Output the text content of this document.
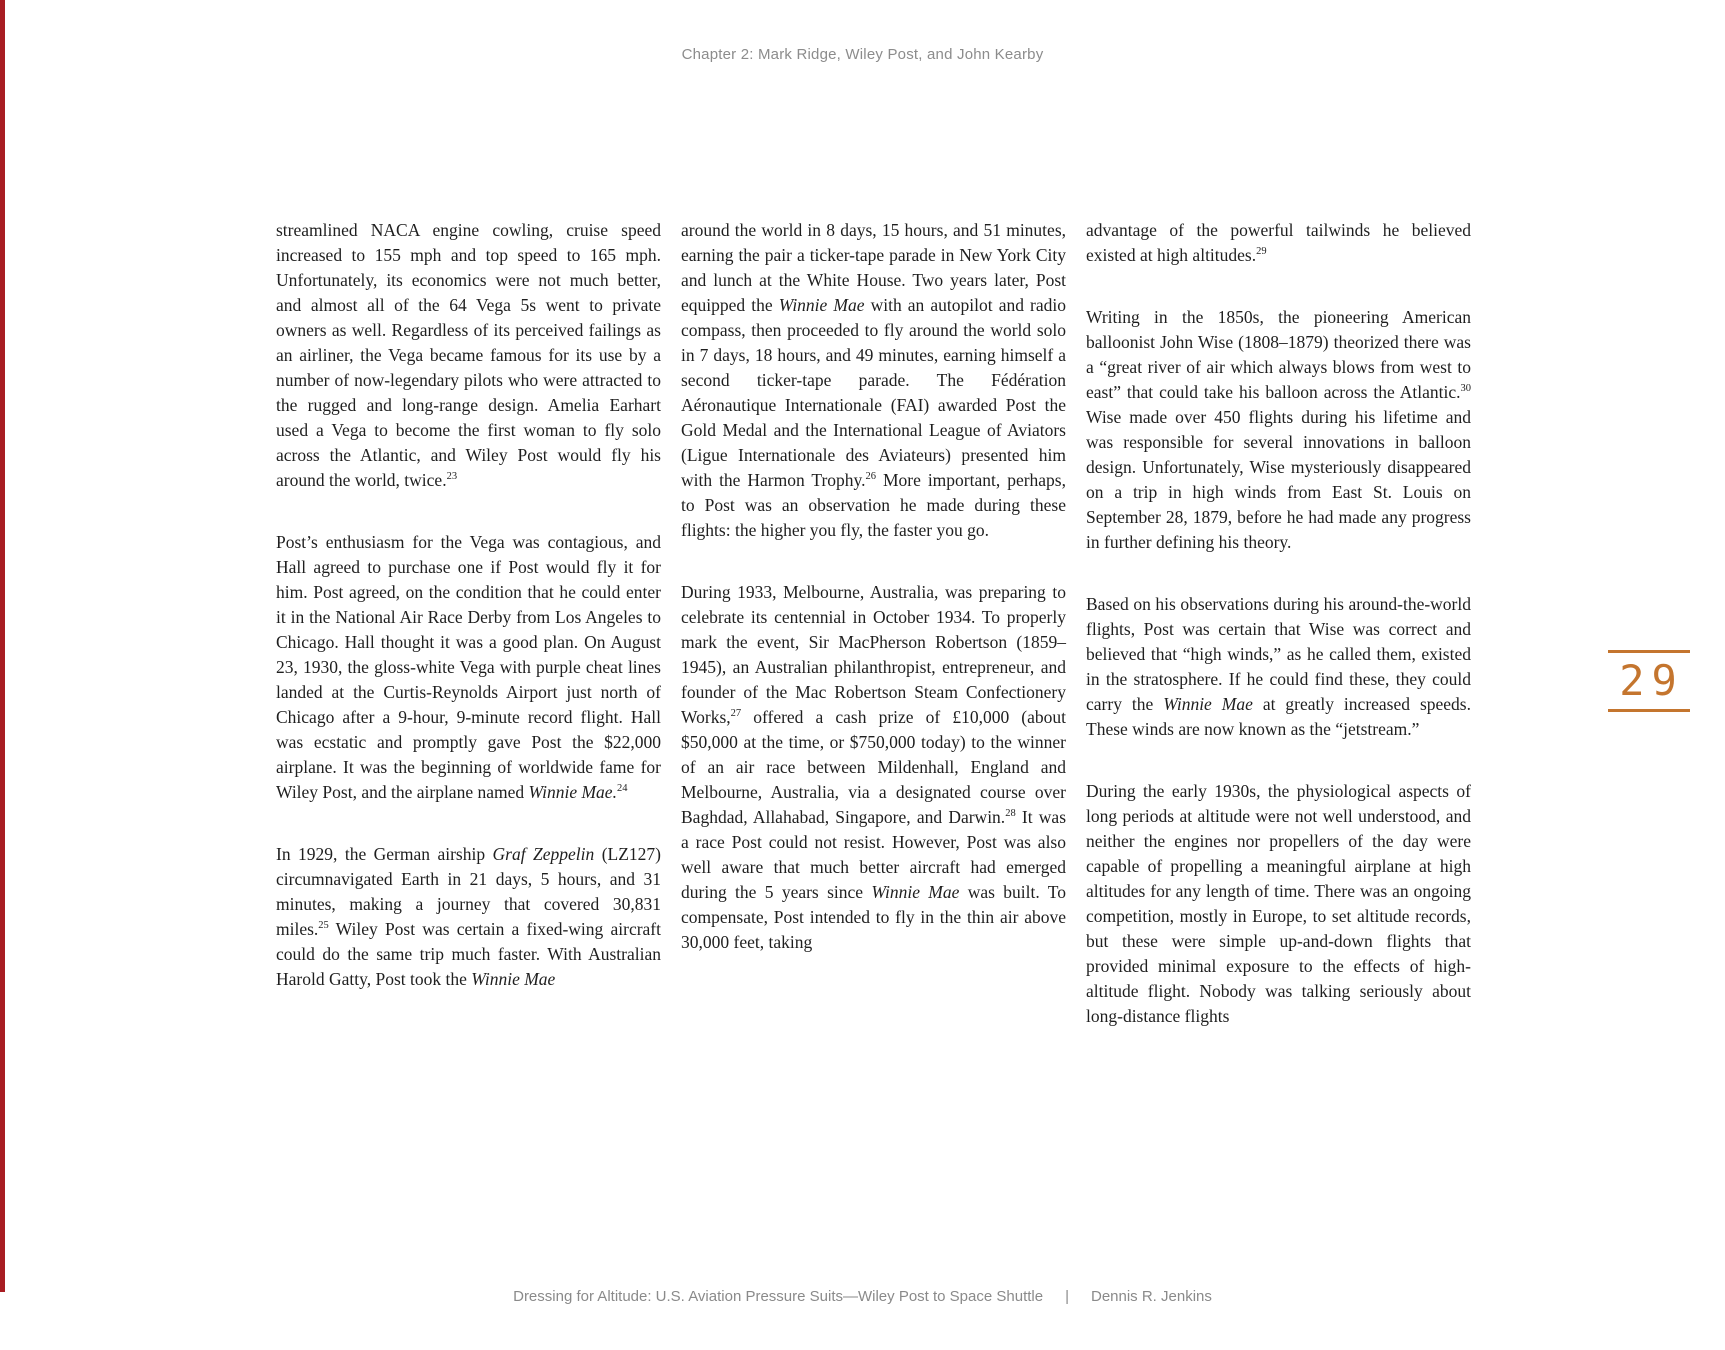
Chapter 2: Mark Ridge, Wiley Post, and John Kearby

streamlined NACA engine cowling, cruise speed increased to 155 mph and top speed to 165 mph. Unfortunately, its economics were not much better, and almost all of the 64 Vega 5s went to private owners as well. Regardless of its perceived failings as an airliner, the Vega became famous for its use by a number of now-legendary pilots who were attracted to the rugged and long-range design. Amelia Earhart used a Vega to become the first woman to fly solo across the Atlantic, and Wiley Post would fly his around the world, twice.$^{23}$

Post’s enthusiasm for the Vega was contagious, and Hall agreed to purchase one if Post would fly it for him. Post agreed, on the condition that he could enter it in the National Air Race Derby from Los Angeles to Chicago. Hall thought it was a good plan. On August 23, 1930, the gloss-white Vega with purple cheat lines landed at the Curtis-Reynolds Airport just north of Chicago after a 9-hour, 9-minute record flight. Hall was ecstatic and promptly gave Post the $22,000 airplane. It was the beginning of worldwide fame for Wiley Post, and the airplane named Winnie Mae.$^{24}$

In 1929, the German airship Graf Zeppelin (LZ127) circumnavigated Earth in 21 days, 5 hours, and 31 minutes, making a journey that covered 30,831 miles.$^{25}$ Wiley Post was certain a fixed-wing aircraft could do the same trip much faster. With Australian Harold Gatty, Post took the Winnie Mae

around the world in 8 days, 15 hours, and 51 minutes, earning the pair a ticker-tape parade in New York City and lunch at the White House. Two years later, Post equipped the Winnie Mae with an autopilot and radio compass, then proceeded to fly around the world solo in 7 days, 18 hours, and 49 minutes, earning himself a second ticker-tape parade. The Fédération Aéronautique Internationale (FAI) awarded Post the Gold Medal and the International League of Aviators (Ligue Internationale des Aviateurs) presented him with the Harmon Trophy.$^{26}$ More important, perhaps, to Post was an observation he made during these flights: the higher you fly, the faster you go.

During 1933, Melbourne, Australia, was preparing to celebrate its centennial in October 1934. To properly mark the event, Sir MacPherson Robertson (1859–1945), an Australian philanthropist, entrepreneur, and founder of the Mac Robertson Steam Confectionery Works,$^{27}$ offered a cash prize of £10,000 (about $50,000 at the time, or $750,000 today) to the winner of an air race between Mildenhall, England and Melbourne, Australia, via a designated course over Baghdad, Allahabad, Singapore, and Darwin.$^{28}$ It was a race Post could not resist. However, Post was also well aware that much better aircraft had emerged during the 5 years since Winnie Mae was built. To compensate, Post intended to fly in the thin air above 30,000 feet, taking

advantage of the powerful tailwinds he believed existed at high altitudes.$^{29}$

Writing in the 1850s, the pioneering American balloonist John Wise (1808–1879) theorized there was a “great river of air which always blows from west to east” that could take his balloon across the Atlantic.$^{30}$ Wise made over 450 flights during his lifetime and was responsible for several innovations in balloon design. Unfortunately, Wise mysteriously disappeared on a trip in high winds from East St. Louis on September 28, 1879, before he had made any progress in further defining his theory.

Based on his observations during his around-the-world flights, Post was certain that Wise was correct and believed that “high winds,” as he called them, existed in the stratosphere. If he could find these, they could carry the Winnie Mae at greatly increased speeds. These winds are now known as the “jetstream.”

During the early 1930s, the physiological aspects of long periods at altitude were not well understood, and neither the engines nor propellers of the day were capable of propelling a meaningful airplane at high altitudes for any length of time. There was an ongoing competition, mostly in Europe, to set altitude records, but these were simple up-and-down flights that provided minimal exposure to the effects of high-altitude flight. Nobody was talking seriously about long-distance flights

29
Dressing for Altitude: U.S. Aviation Pressure Suits—Wiley Post to Space Shuttle | Dennis R. Jenkins
